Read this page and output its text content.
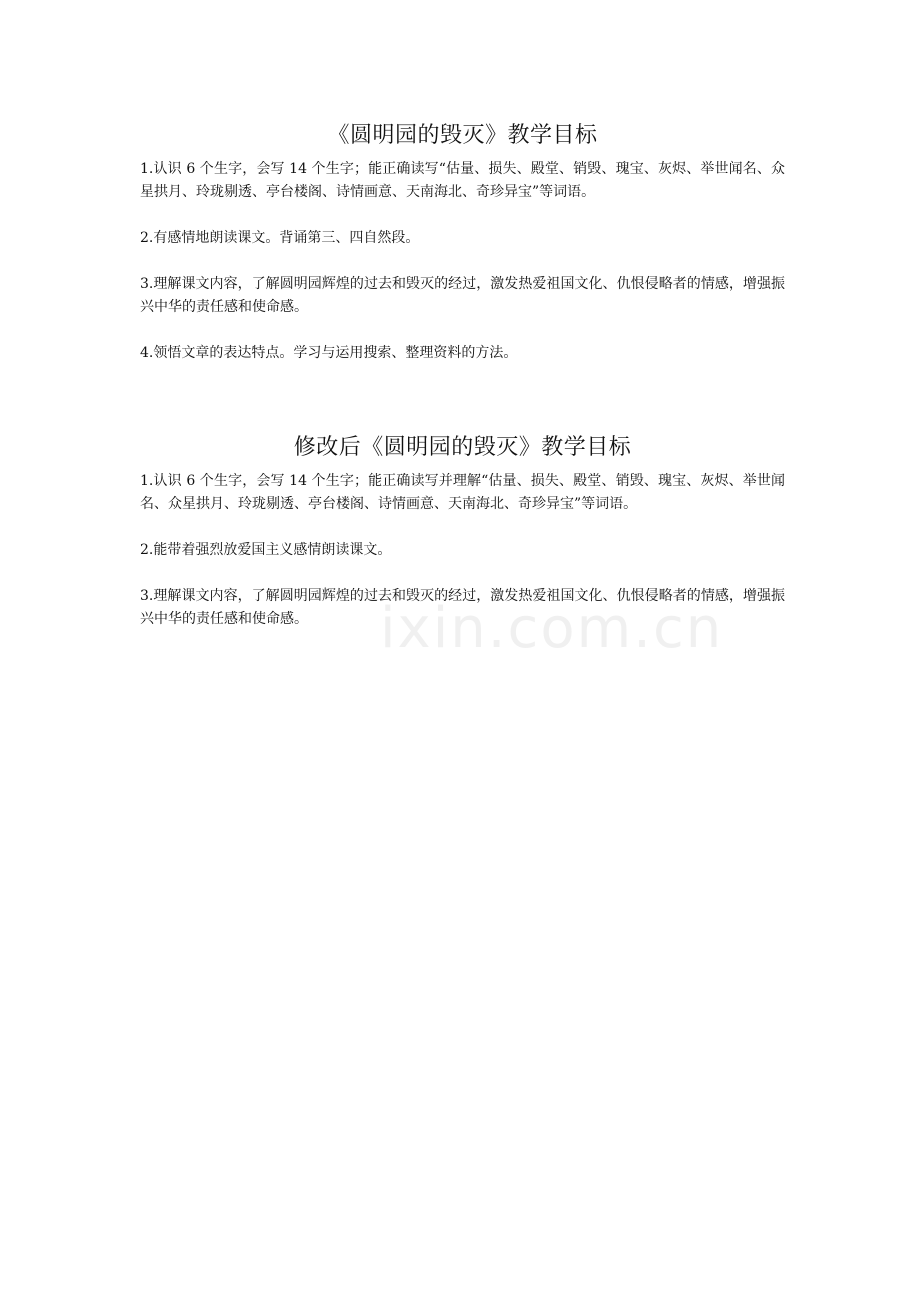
《圆明园的毁灭》教学目标

1.认识 6 个生字，会写 14 个生字；能正确读写“估量、损失、殿堂、销毁、瑰宝、灰烬、举世闻名、众星拱月、玲珑剔透、亭台楼阁、诗情画意、天南海北、奇珍异宝”等词语。

2.有感情地朗读课文。背诵第三、四自然段。

3.理解课文内容，了解圆明园辉煌的过去和毁灭的经过，激发热爱祖国文化、仇恨侵略者的情感，增强振兴中华的责任感和使命感。

4.领悟文章的表达特点。学习与运用搜索、整理资料的方法。

修改后《圆明园的毁灭》教学目标

1.认识 6 个生字，会写 14 个生字；能正确读写并理解“估量、损失、殿堂、销毁、瑰宝、灰烬、举世闻名、众星拱月、玲珑剔透、亭台楼阁、诗情画意、天南海北、奇珍异宝”等词语。

2.能带着强烈放爱国主义感情朗读课文。

3.理解课文内容，了解圆明园辉煌的过去和毁灭的经过，激发热爱祖国文化、仇恨侵略者的情感，增强振兴中华的责任感和使命感。	ixin.com.cn
